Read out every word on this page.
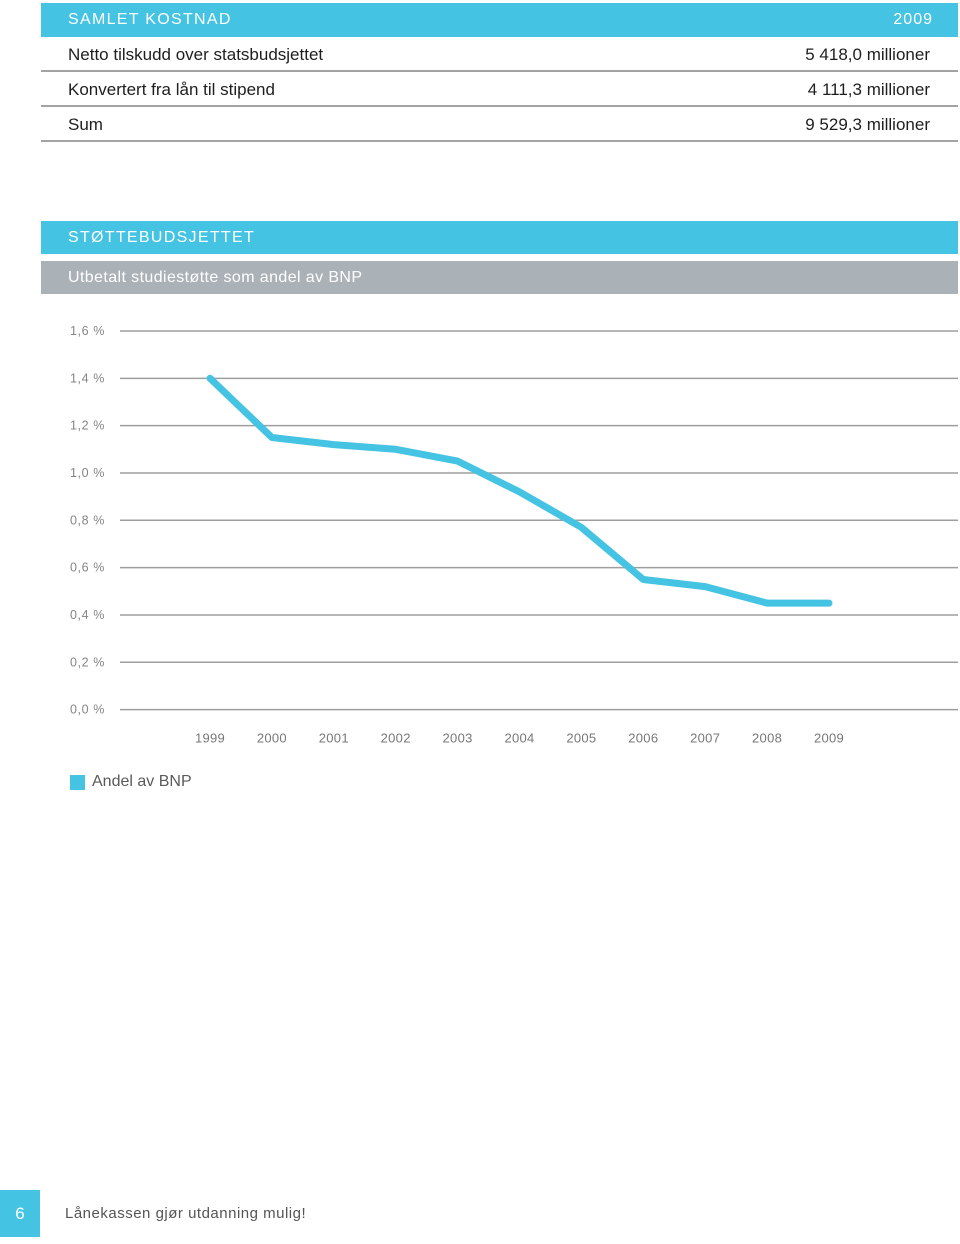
SAMLET KOSTNAD	2009
Netto tilskudd over statsbudsjettet	5 418,0 millioner
Konvertert fra lån til stipend	4 111,3 millioner
Sum	9 529,3 millioner
STØTTEBUDSJETTET
Utbetalt studiestøtte som andel av BNP
1,6 %
1,4 %
1,2 %
1,0 %
0,8 %
0,6 %
0,4 %
0,2 %
0,0 %
1999 2000 2001 2002 2003 2004 2005 2006 2007 2008 2009
Andel av BNP
6	Lånekassen gjør utdanning mulig!
